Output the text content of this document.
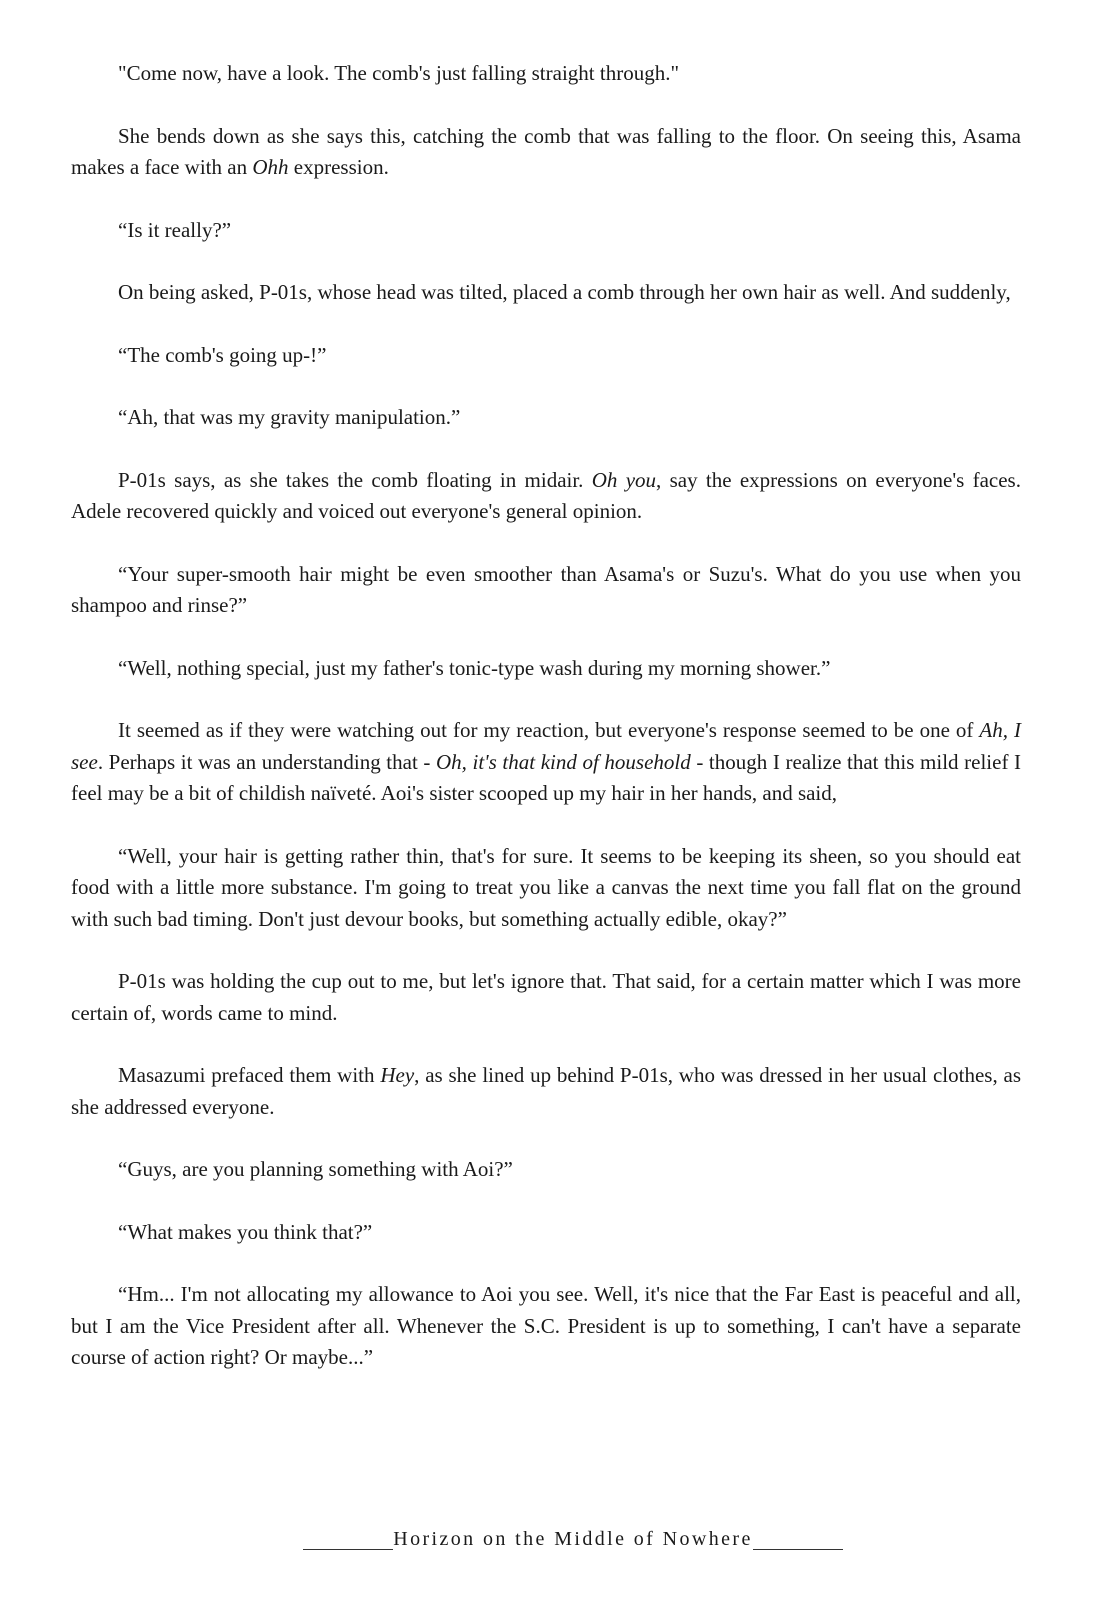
"Come now, have a look. The comb's just falling straight through."

She bends down as she says this, catching the comb that was falling to the floor. On seeing this, Asama makes a face with an Ohh expression.

“Is it really?”

On being asked, P-01s, whose head was tilted, placed a comb through her own hair as well. And suddenly,

“The comb's going up-!”

“Ah, that was my gravity manipulation.”

P-01s says, as she takes the comb floating in midair. Oh you, say the expressions on everyone's faces. Adele recovered quickly and voiced out everyone's general opinion.

“Your super-smooth hair might be even smoother than Asama's or Suzu's. What do you use when you shampoo and rinse?”

“Well, nothing special, just my father's tonic-type wash during my morning shower.”

It seemed as if they were watching out for my reaction, but everyone's response seemed to be one of Ah, I see. Perhaps it was an understanding that - Oh, it's that kind of household - though I realize that this mild relief I feel may be a bit of childish naïveté. Aoi's sister scooped up my hair in her hands, and said,

“Well, your hair is getting rather thin, that's for sure. It seems to be keeping its sheen, so you should eat food with a little more substance. I'm going to treat you like a canvas the next time you fall flat on the ground with such bad timing. Don't just devour books, but something actually edible, okay?”

P-01s was holding the cup out to me, but let's ignore that. That said, for a certain matter which I was more certain of, words came to mind.

Masazumi prefaced them with Hey, as she lined up behind P-01s, who was dressed in her usual clothes, as she addressed everyone.

“Guys, are you planning something with Aoi?”

“What makes you think that?”

“Hm... I'm not allocating my allowance to Aoi you see. Well, it's nice that the Far East is peaceful and all, but I am the Vice President after all. Whenever the S.C. President is up to something, I can't have a separate course of action right? Or maybe...”

Horizon on the Middle of Nowhere
